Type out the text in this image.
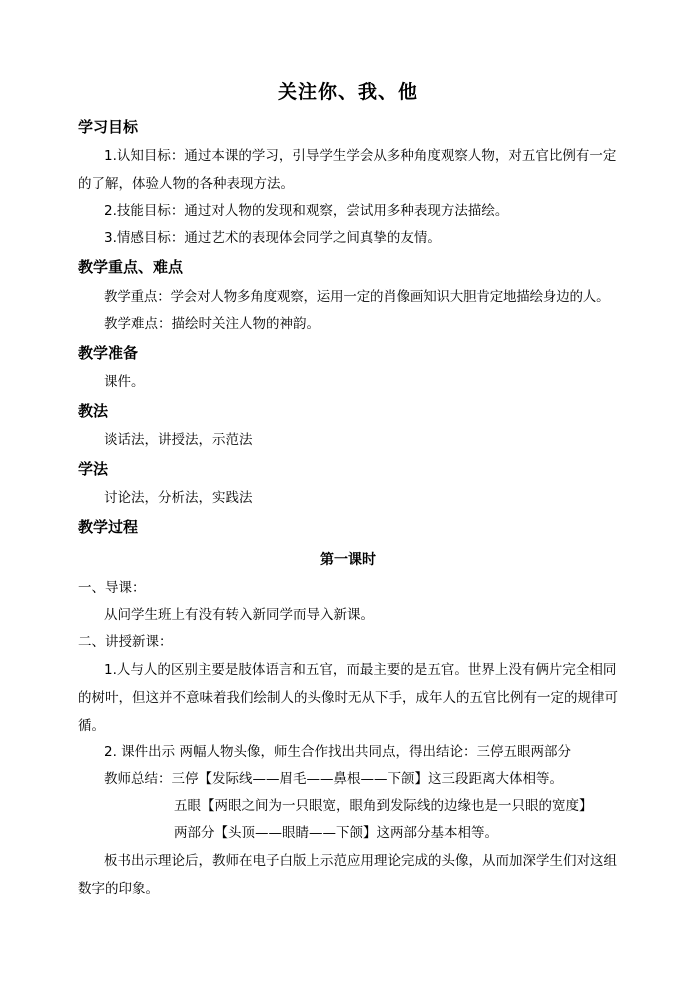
关注你、我、他
学习目标
1.认知目标：通过本课的学习，引导学生学会从多种角度观察人物，对五官比例有一定的了解，体验人物的各种表现方法。
2.技能目标：通过对人物的发现和观察，尝试用多种表现方法描绘。
3.情感目标：通过艺术的表现体会同学之间真挚的友情。
教学重点、难点
教学重点：学会对人物多角度观察，运用一定的肖像画知识大胆肯定地描绘身边的人。
教学难点：描绘时关注人物的神韵。
教学准备
课件。
教法
谈话法，讲授法，示范法
学法
讨论法，分析法，实践法
教学过程
第一课时
一、导课：
从问学生班上有没有转入新同学而导入新课。
二、讲授新课：
1.人与人的区别主要是肢体语言和五官，而最主要的是五官。世界上没有俩片完全相同的树叶，但这并不意味着我们绘制人的头像时无从下手，成年人的五官比例有一定的规律可循。
2. 课件出示 两幅人物头像，师生合作找出共同点，得出结论：三停五眼两部分
教师总结：三停【发际线——眉毛——鼻根——下颌】这三段距离大体相等。
五眼【两眼之间为一只眼宽，眼角到发际线的边缘也是一只眼的宽度】
两部分【头顶——眼睛——下颌】这两部分基本相等。
板书出示理论后，教师在电子白版上示范应用理论完成的头像，从而加深学生们对这组数字的印象。
